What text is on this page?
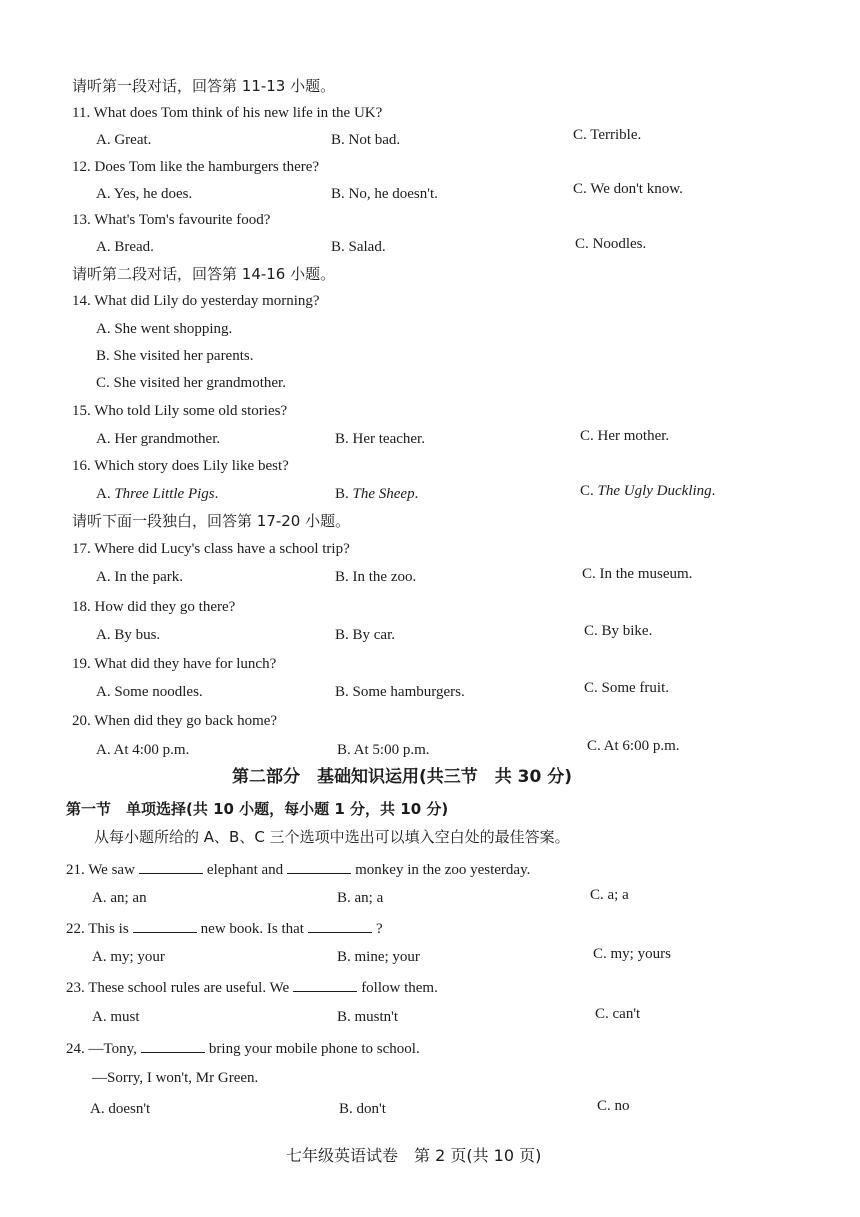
请听第一段对话，回答第 11-13 小题。
11. What does Tom think of his new life in the UK?
A. Great.	B. Not bad.	C. Terrible.
12. Does Tom like the hamburgers there?
A. Yes, he does.	B. No, he doesn't.	C. We don't know.
13. What's Tom's favourite food?
A. Bread.	B. Salad.	C. Noodles.
请听第二段对话，回答第 14-16 小题。
14. What did Lily do yesterday morning?
A. She went shopping.
B. She visited her parents.
C. She visited her grandmother.
15. Who told Lily some old stories?
A. Her grandmother.	B. Her teacher.	C. Her mother.
16. Which story does Lily like best?
A. Three Little Pigs.	B. The Sheep.	C. The Ugly Duckling.
请听下面一段独白，回答第 17-20 小题。
17. Where did Lucy's class have a school trip?
A. In the park.	B. In the zoo.	C. In the museum.
18. How did they go there?
A. By bus.	B. By car.	C. By bike.
19. What did they have for lunch?
A. Some noodles.	B. Some hamburgers.	C. Some fruit.
20. When did they go back home?
A. At 4:00 p.m.	B. At 5:00 p.m.	C. At 6:00 p.m.
第二部分　基础知识运用(共三节　共 30 分)
第一节　单项选择(共 10 小题，每小题 1 分，共 10 分)
从每小题所给的 A、B、C 三个选项中选出可以填入空白处的最佳答案。
21. We saw	elephant and	monkey in the zoo yesterday.
A. an; an	B. an; a	C. a; a
22. This is	new book. Is that	?
A. my; your	B. mine; your	C. my; yours
23. These school rules are useful. We	follow them.
A. must	B. mustn't	C. can't
24. —Tony,	bring your mobile phone to school.
—Sorry, I won't, Mr Green.
A. doesn't	B. don't	C. no
七年级英语试卷　第 2 页(共 10 页)
